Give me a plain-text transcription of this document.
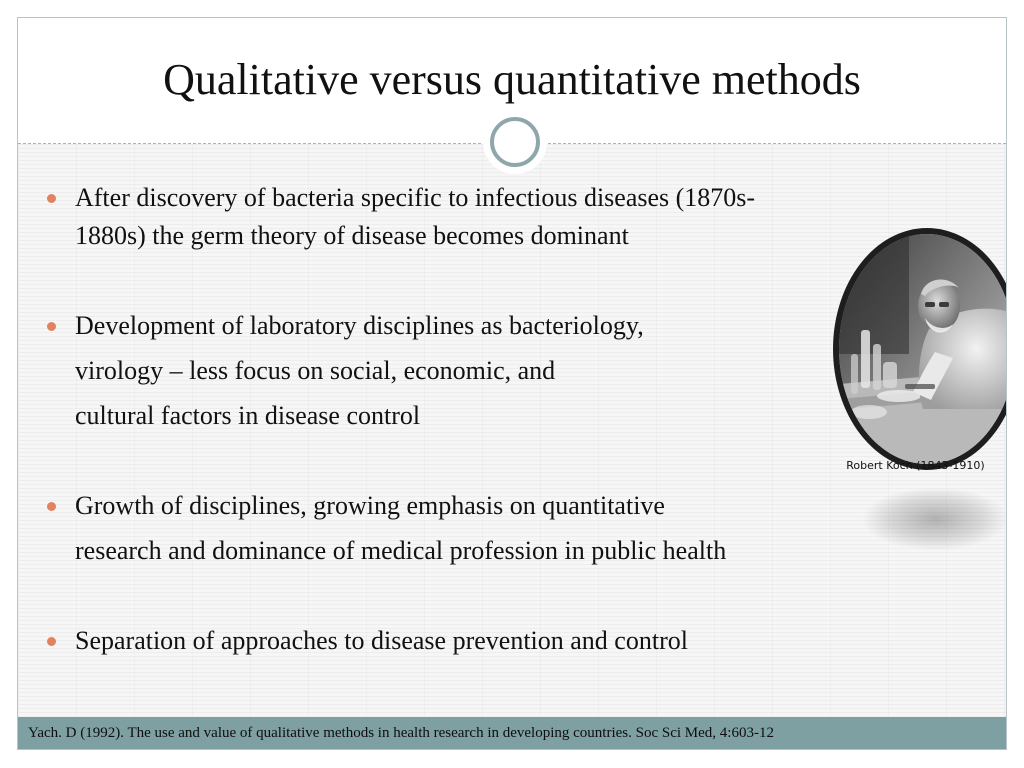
Qualitative versus quantitative methods
After discovery of bacteria specific to infectious diseases (1870s-
1880s) the germ theory of disease becomes dominant
Development of laboratory disciplines as bacteriology,
virology – less focus on social, economic, and
cultural factors in disease control
Growth of disciplines, growing emphasis on quantitative
research and dominance of medical profession in public health
Separation of approaches to disease prevention and control
Robert Koch (1843-1910)
Yach. D (1992). The use and value of qualitative methods in health research in developing countries. Soc Sci Med, 4:603-12
